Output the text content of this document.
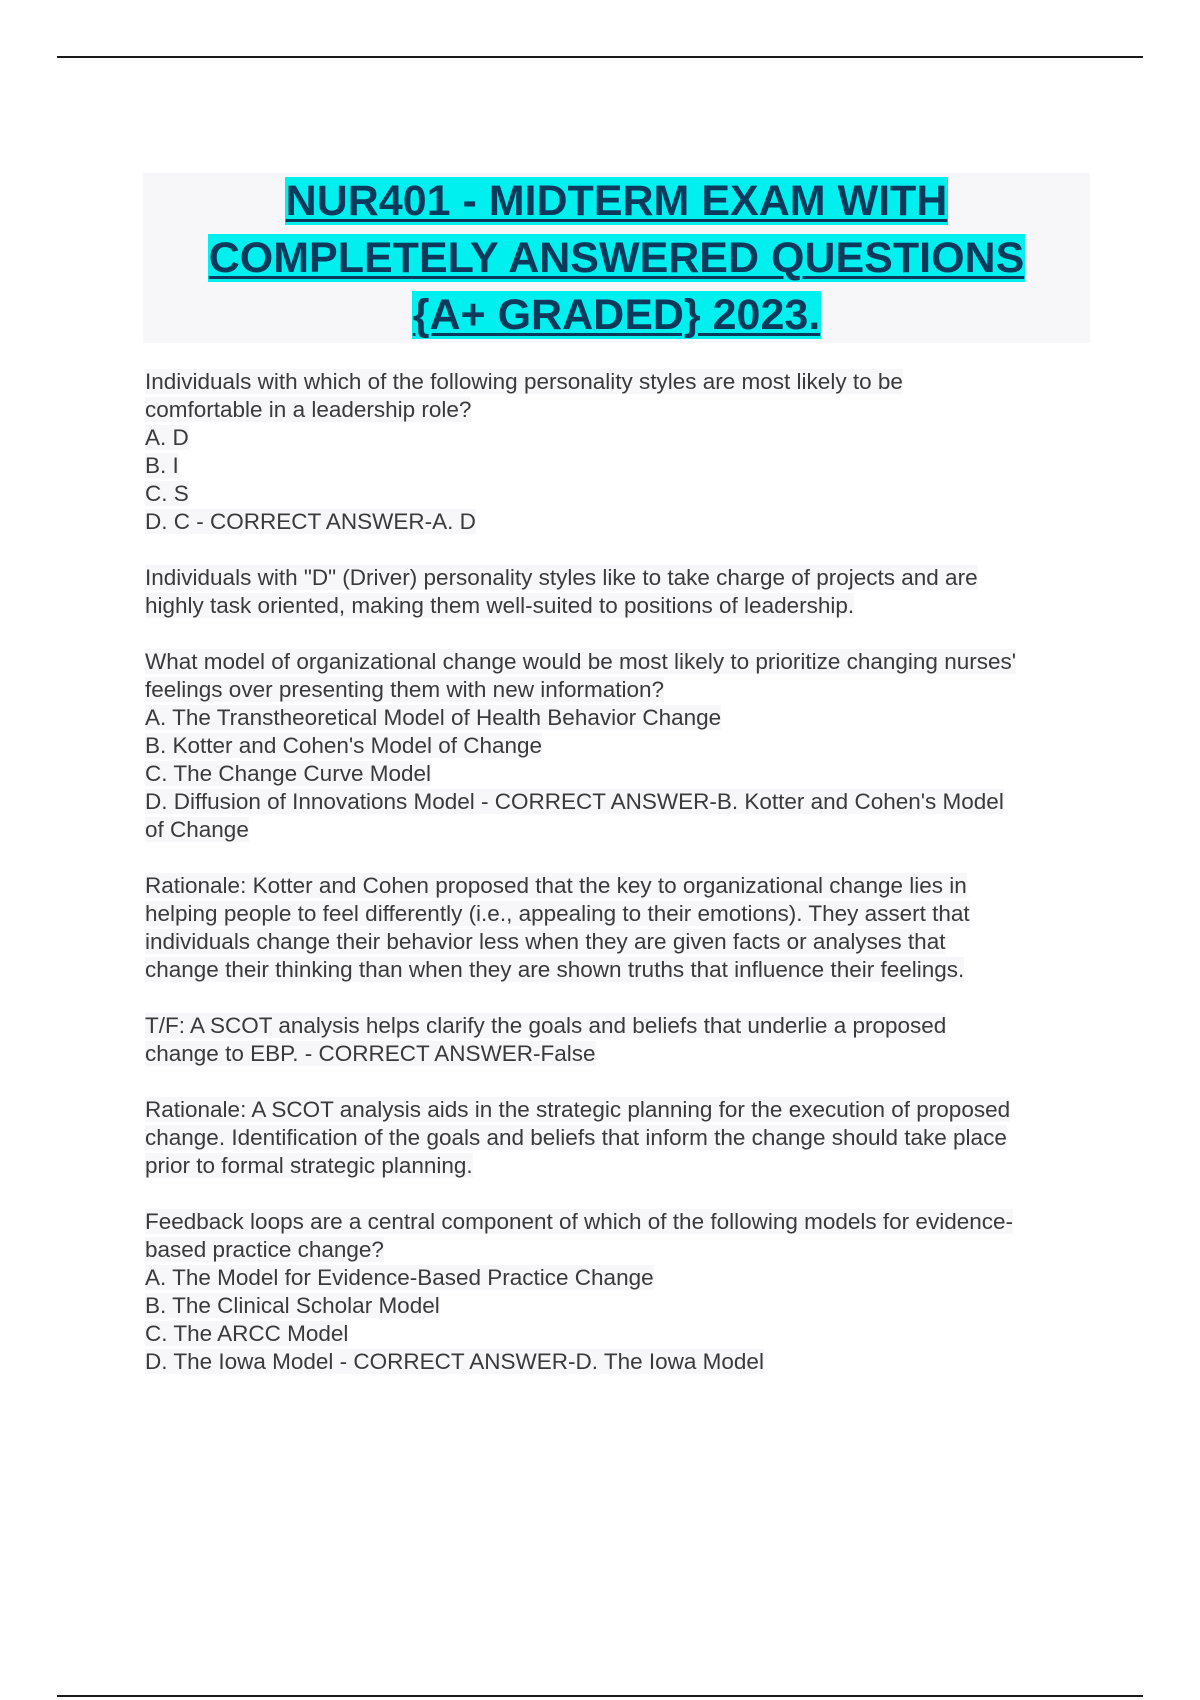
NUR401 - MIDTERM EXAM WITH
COMPLETELY ANSWERED QUESTIONS
{A+ GRADED} 2023.
Individuals with which of the following personality styles are most likely to be
comfortable in a leadership role?
A. D
B. I
C. S
D. C - CORRECT ANSWER-A. D
Individuals with "D" (Driver) personality styles like to take charge of projects and are
highly task oriented, making them well-suited to positions of leadership.
What model of organizational change would be most likely to prioritize changing nurses'
feelings over presenting them with new information?
A. The Transtheoretical Model of Health Behavior Change
B. Kotter and Cohen's Model of Change
C. The Change Curve Model
D. Diffusion of Innovations Model - CORRECT ANSWER-B. Kotter and Cohen's Model
of Change
Rationale: Kotter and Cohen proposed that the key to organizational change lies in
helping people to feel differently (i.e., appealing to their emotions). They assert that
individuals change their behavior less when they are given facts or analyses that
change their thinking than when they are shown truths that influence their feelings.
T/F: A SCOT analysis helps clarify the goals and beliefs that underlie a proposed
change to EBP. - CORRECT ANSWER-False
Rationale: A SCOT analysis aids in the strategic planning for the execution of proposed
change. Identification of the goals and beliefs that inform the change should take place
prior to formal strategic planning.
Feedback loops are a central component of which of the following models for evidence-
based practice change?
A. The Model for Evidence-Based Practice Change
B. The Clinical Scholar Model
C. The ARCC Model
D. The Iowa Model - CORRECT ANSWER-D. The Iowa Model
